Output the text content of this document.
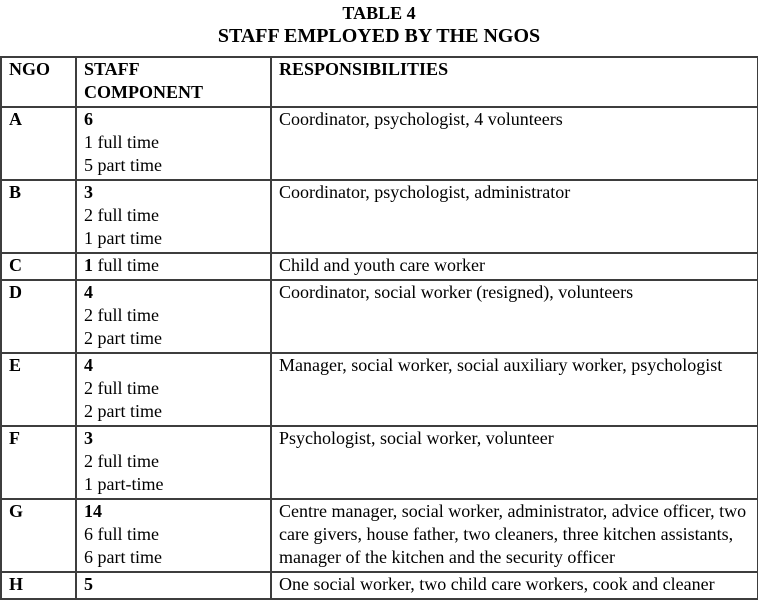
TABLE 4
STAFF EMPLOYED BY THE NGOS
NGO	STAFF COMPONENT	RESPONSIBILITIES
A	6
1 full time
5 part time	Coordinator, psychologist, 4 volunteers
B	3
2 full time
1 part time	Coordinator, psychologist, administrator
C	1 full time	Child and youth care worker
D	4
2 full time
2 part time	Coordinator, social worker (resigned), volunteers
E	4
2 full time
2 part time	Manager, social worker, social auxiliary worker, psychologist
F	3
2 full time
1 part-time	Psychologist, social worker, volunteer
G	14
6 full time
6 part time	Centre manager, social worker, administrator, advice officer, two care givers, house father, two cleaners, three kitchen assistants, manager of the kitchen and the security officer
H	5	One social worker, two child care workers, cook and cleaner
